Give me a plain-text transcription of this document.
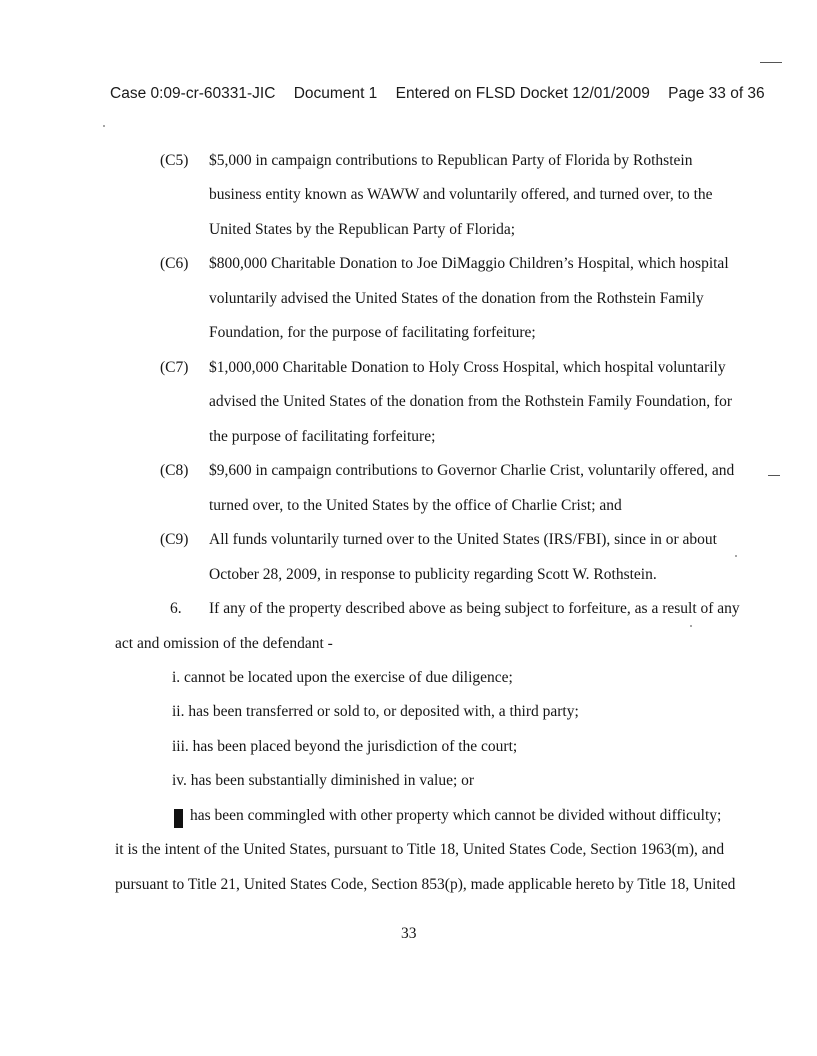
Case 0:09-cr-60331-JIC Document 1 Entered on FLSD Docket 12/01/2009 Page 33 of 36
(C5) $5,000 in campaign contributions to Republican Party of Florida by Rothstein
business entity known as WAWW and voluntarily offered, and turned over, to the
United States by the Republican Party of Florida;
(C6) $800,000 Charitable Donation to Joe DiMaggio Children’s Hospital, which hospital
voluntarily advised the United States of the donation from the Rothstein Family
Foundation, for the purpose of facilitating forfeiture;
(C7) $1,000,000 Charitable Donation to Holy Cross Hospital, which hospital voluntarily
advised the United States of the donation from the Rothstein Family Foundation, for
the purpose of facilitating forfeiture;
(C8) $9,600 in campaign contributions to Governor Charlie Crist, voluntarily offered, and
turned over, to the United States by the office of Charlie Crist; and
(C9) All funds voluntarily turned over to the United States (IRS/FBI), since in or about
October 28, 2009, in response to publicity regarding Scott W. Rothstein.
6. If any of the property described above as being subject to forfeiture, as a result of any
act and omission of the defendant -
i. cannot be located upon the exercise of due diligence;
ii. has been transferred or sold to, or deposited with, a third party;
iii. has been placed beyond the jurisdiction of the court;
iv. has been substantially diminished in value; or
has been commingled with other property which cannot be divided without difficulty;
it is the intent of the United States, pursuant to Title 18, United States Code, Section 1963(m), and
pursuant to Title 21, United States Code, Section 853(p), made applicable hereto by Title 18, United
33
